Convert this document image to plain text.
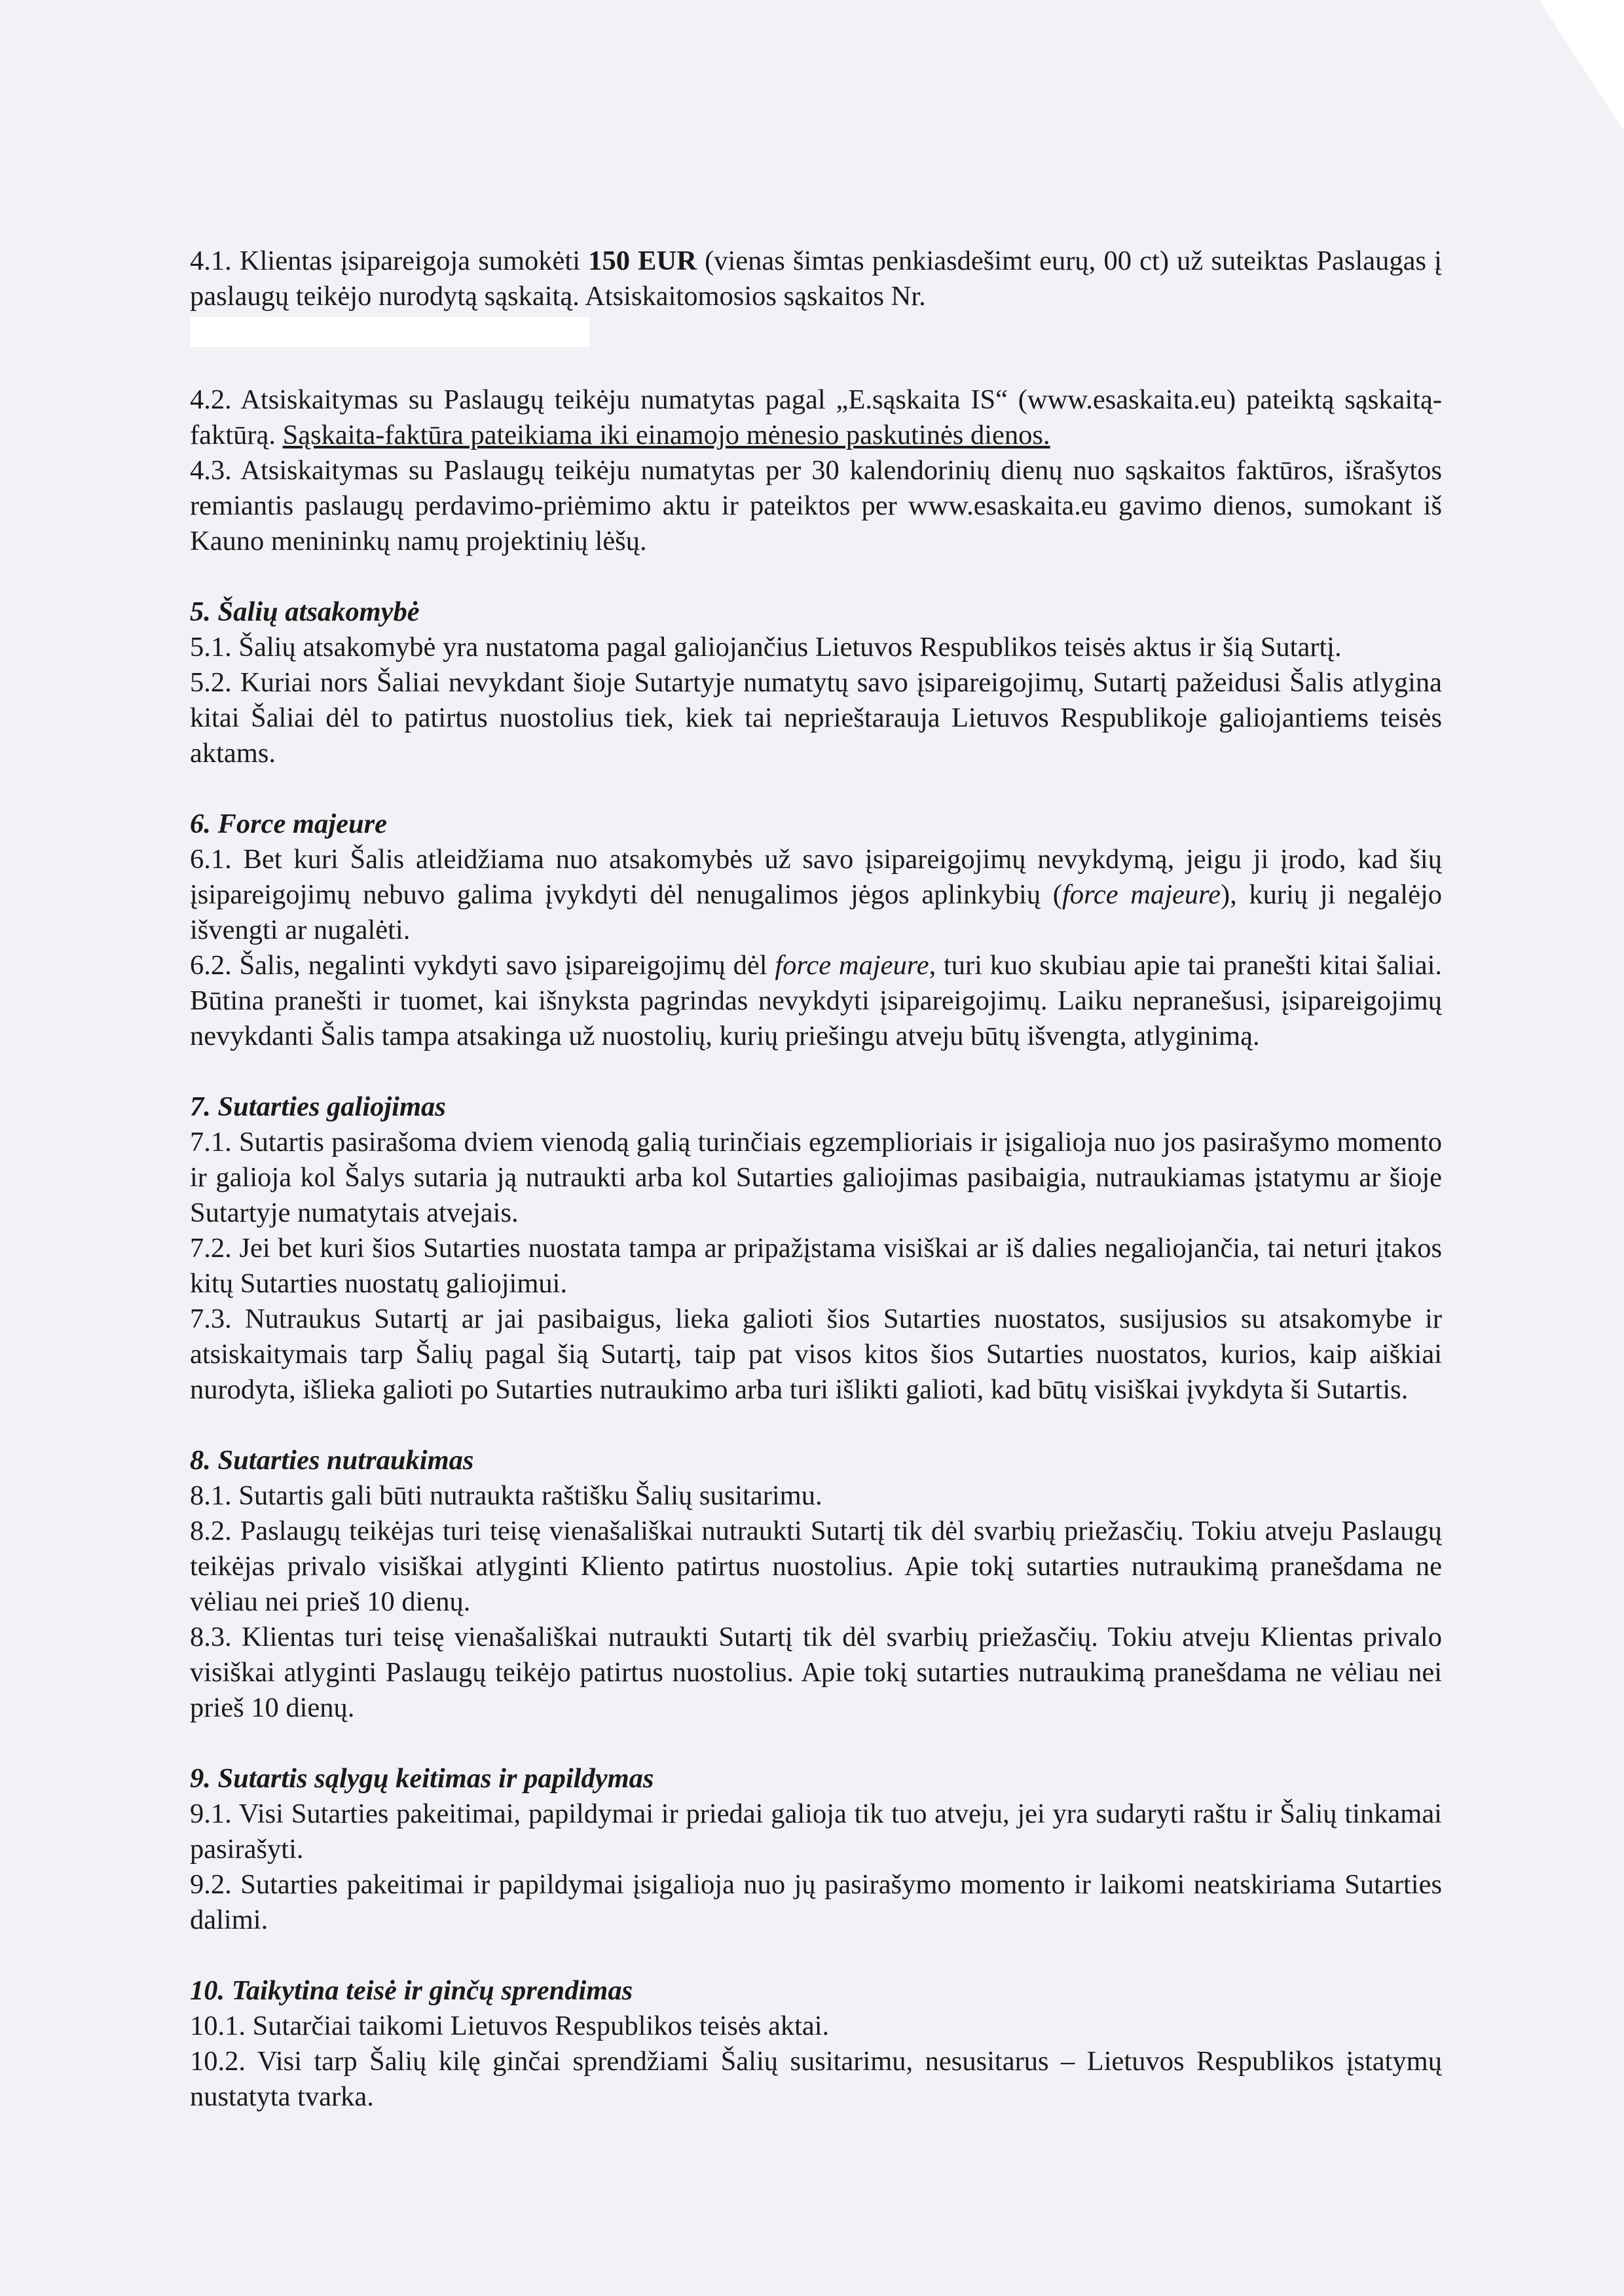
4.1. Klientas įsipareigoja sumokėti 150 EUR (vienas šimtas penkiasdešimt eurų, 00 ct) už suteiktas Paslaugas į paslaugų teikėjo nurodytą sąskaitą. Atsiskaitomosios sąskaitos Nr.

4.2. Atsiskaitymas su Paslaugų teikėju numatytas pagal „E.sąskaita IS“ (www.esaskaita.eu) pateiktą sąskaitą-faktūrą. Sąskaita-faktūra pateikiama iki einamojo mėnesio paskutinės dienos.

4.3. Atsiskaitymas su Paslaugų teikėju numatytas per 30 kalendorinių dienų nuo sąskaitos faktūros, išrašytos remiantis paslaugų perdavimo-priėmimo aktu ir pateiktos per www.esaskaita.eu gavimo dienos, sumokant iš Kauno menininkų namų projektinių lėšų.

5. Šalių atsakomybė

5.1. Šalių atsakomybė yra nustatoma pagal galiojančius Lietuvos Respublikos teisės aktus ir šią Sutartį.

5.2. Kuriai nors Šaliai nevykdant šioje Sutartyje numatytų savo įsipareigojimų, Sutartį pažeidusi Šalis atlygina kitai Šaliai dėl to patirtus nuostolius tiek, kiek tai neprieštarauja Lietuvos Respublikoje galiojantiems teisės aktams.

6. Force majeure

6.1. Bet kuri Šalis atleidžiama nuo atsakomybės už savo įsipareigojimų nevykdymą, jeigu ji įrodo, kad šių įsipareigojimų nebuvo galima įvykdyti dėl nenugalimos jėgos aplinkybių (force majeure), kurių ji negalėjo išvengti ar nugalėti.

6.2. Šalis, negalinti vykdyti savo įsipareigojimų dėl force majeure, turi kuo skubiau apie tai pranešti kitai šaliai. Būtina pranešti ir tuomet, kai išnyksta pagrindas nevykdyti įsipareigojimų. Laiku nepranešusi, įsipareigojimų nevykdanti Šalis tampa atsakinga už nuostolių, kurių priešingu atveju būtų išvengta, atlyginimą.

7. Sutarties galiojimas

7.1. Sutartis pasirašoma dviem vienodą galią turinčiais egzemplioriais ir įsigalioja nuo jos pasirašymo momento ir galioja kol Šalys sutaria ją nutraukti arba kol Sutarties galiojimas pasibaigia, nutraukiamas įstatymu ar šioje Sutartyje numatytais atvejais.

7.2. Jei bet kuri šios Sutarties nuostata tampa ar pripažįstama visiškai ar iš dalies negaliojančia, tai neturi įtakos kitų Sutarties nuostatų galiojimui.

7.3. Nutraukus Sutartį ar jai pasibaigus, lieka galioti šios Sutarties nuostatos, susijusios su atsakomybe ir atsiskaitymais tarp Šalių pagal šią Sutartį, taip pat visos kitos šios Sutarties nuostatos, kurios, kaip aiškiai nurodyta, išlieka galioti po Sutarties nutraukimo arba turi išlikti galioti, kad būtų visiškai įvykdyta ši Sutartis.

8. Sutarties nutraukimas

8.1. Sutartis gali būti nutraukta raštišku Šalių susitarimu.

8.2. Paslaugų teikėjas turi teisę vienašališkai nutraukti Sutartį tik dėl svarbių priežasčių. Tokiu atveju Paslaugų teikėjas privalo visiškai atlyginti Kliento patirtus nuostolius. Apie tokį sutarties nutraukimą pranešdama ne vėliau nei prieš 10 dienų.

8.3. Klientas turi teisę vienašališkai nutraukti Sutartį tik dėl svarbių priežasčių. Tokiu atveju Klientas privalo visiškai atlyginti Paslaugų teikėjo patirtus nuostolius. Apie tokį sutarties nutraukimą pranešdama ne vėliau nei prieš 10 dienų.

9. Sutartis sąlygų keitimas ir papildymas

9.1. Visi Sutarties pakeitimai, papildymai ir priedai galioja tik tuo atveju, jei yra sudaryti raštu ir Šalių tinkamai pasirašyti.

9.2. Sutarties pakeitimai ir papildymai įsigalioja nuo jų pasirašymo momento ir laikomi neatskiriama Sutarties dalimi.

10. Taikytina teisė ir ginčų sprendimas

10.1. Sutarčiai taikomi Lietuvos Respublikos teisės aktai.

10.2. Visi tarp Šalių kilę ginčai sprendžiami Šalių susitarimu, nesusitarus – Lietuvos Respublikos įstatymų nustatyta tvarka.
